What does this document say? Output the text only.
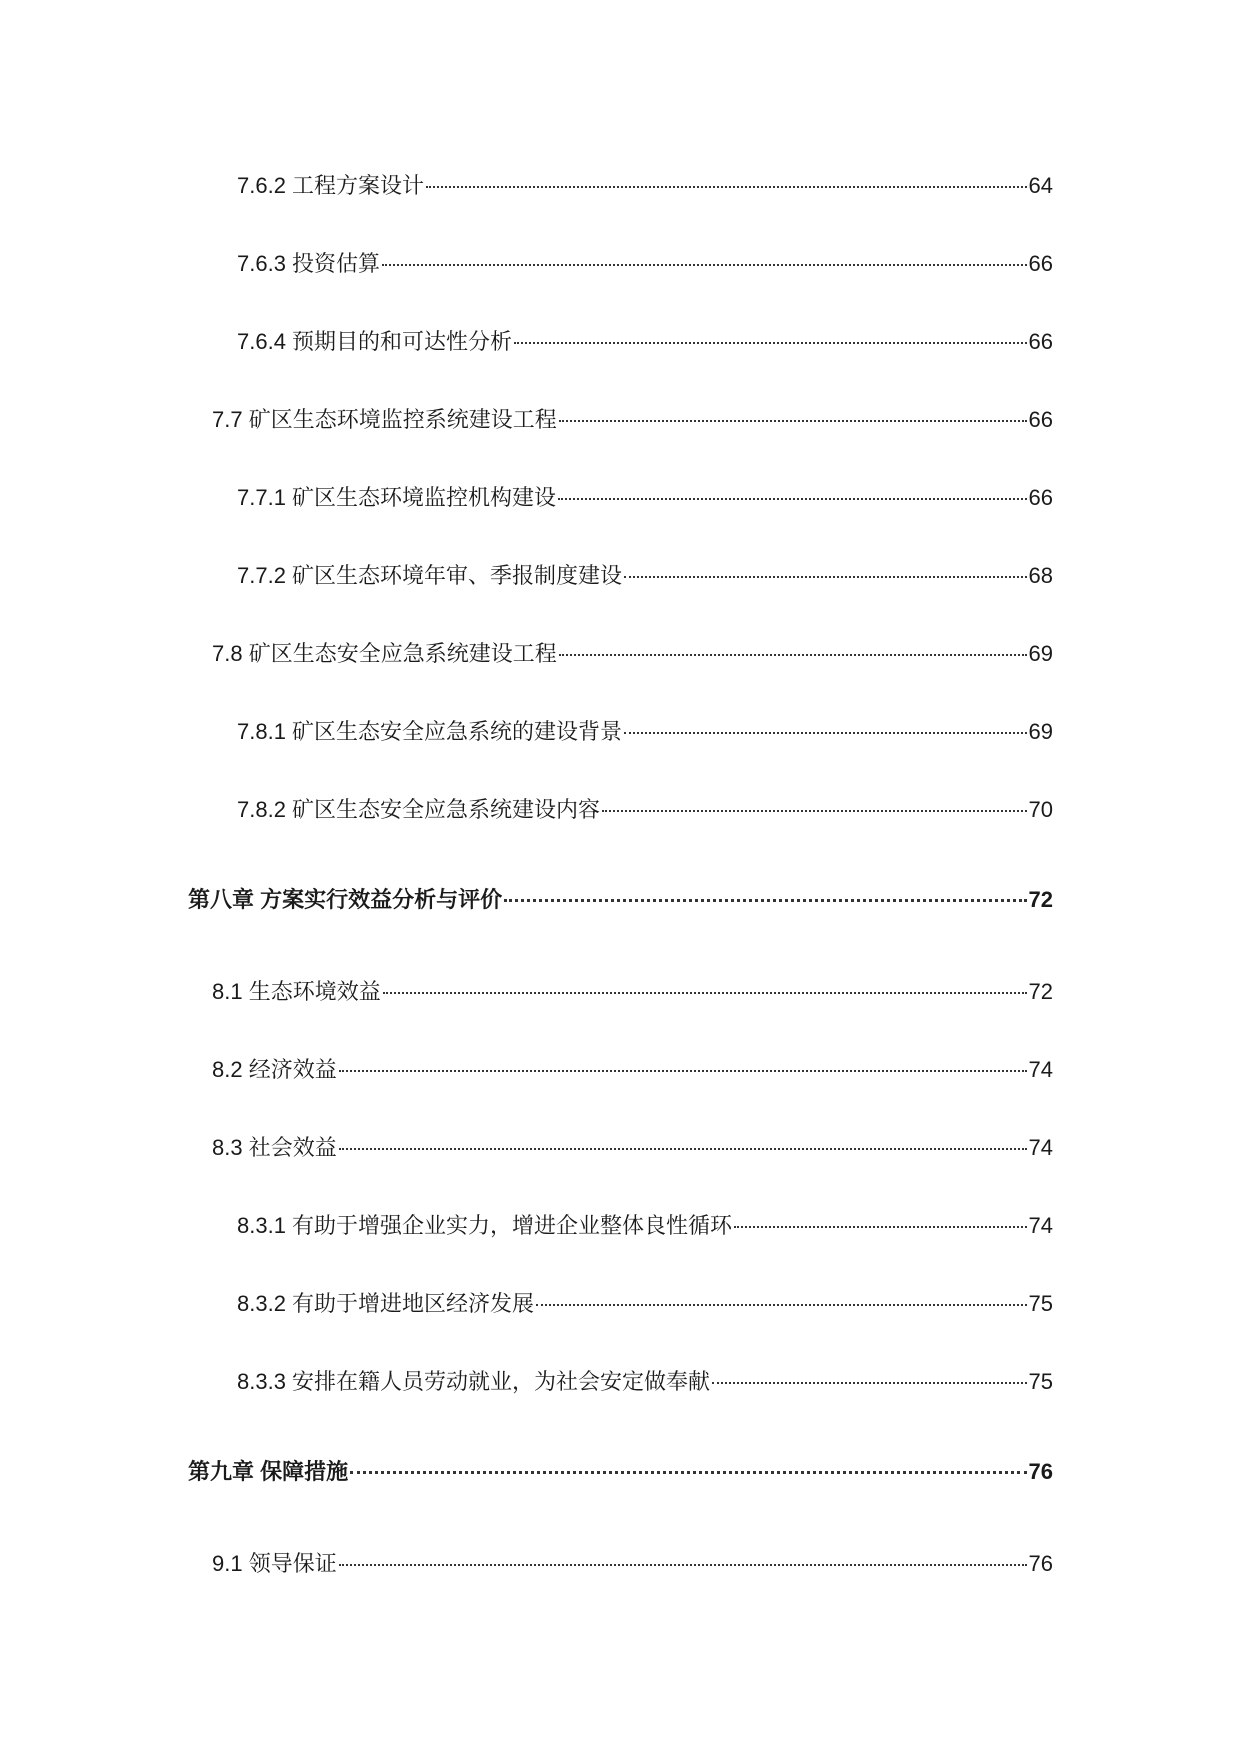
7.6.2 工程方案设计	64
7.6.3 投资估算	66
7.6.4 预期目的和可达性分析	66
7.7 矿区生态环境监控系统建设工程	66
7.7.1 矿区生态环境监控机构建设	66
7.7.2 矿区生态环境年审、季报制度建设	68
7.8 矿区生态安全应急系统建设工程	69
7.8.1 矿区生态安全应急系统的建设背景	69
7.8.2 矿区生态安全应急系统建设内容	70
第八章 方案实行效益分析与评价	72
8.1 生态环境效益	72
8.2 经济效益	74
8.3 社会效益	74
8.3.1 有助于增强企业实力，增进企业整体良性循环	74
8.3.2 有助于增进地区经济发展	75
8.3.3 安排在籍人员劳动就业，为社会安定做奉献	75
第九章 保障措施	76
9.1 领导保证	76
